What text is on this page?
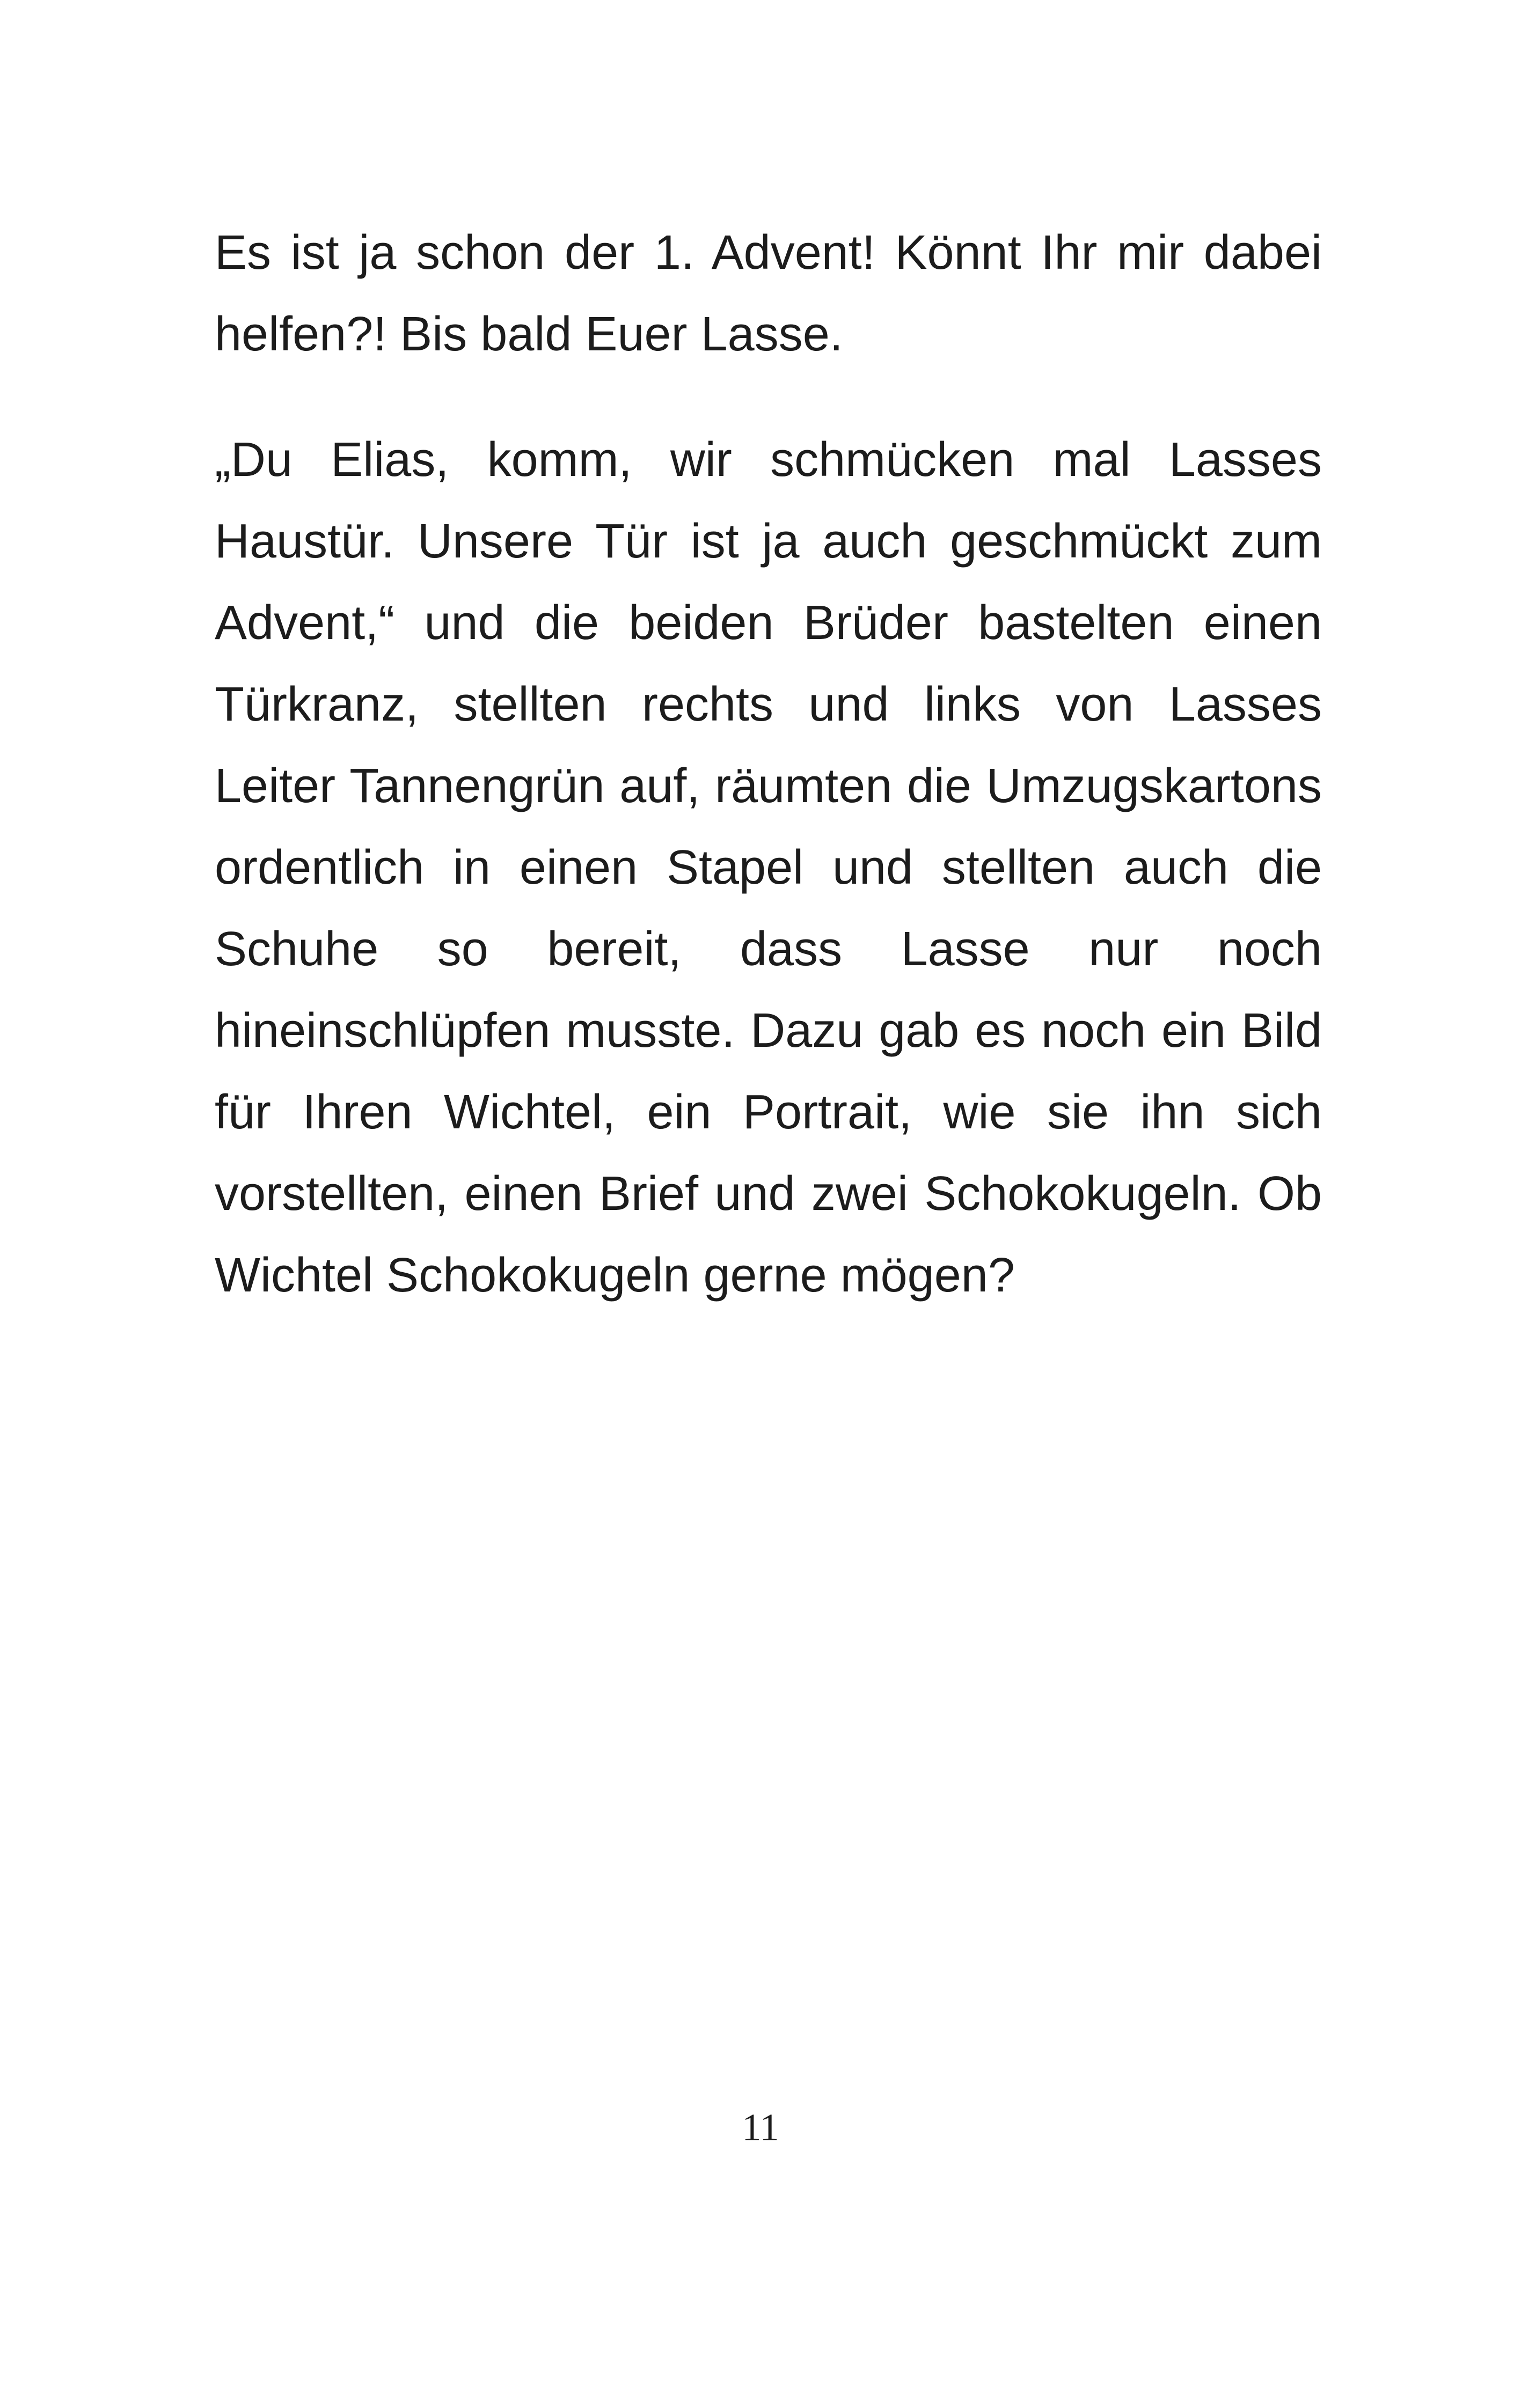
Es ist ja schon der 1. Advent! Könnt Ihr mir dabei helfen?! Bis bald Euer Lasse.

„Du Elias, komm, wir schmücken mal Lasses Haustür. Unsere Tür ist ja auch geschmückt zum Advent,“ und die beiden Brüder bastelten einen Türkranz, stellten rechts und links von Lasses Leiter Tannengrün auf, räumten die Umzugskartons ordentlich in einen Stapel und stellten auch die Schuhe so bereit, dass Lasse nur noch hineinschlüpfen musste. Dazu gab es noch ein Bild für Ihren Wichtel, ein Portrait, wie sie ihn sich vorstellten, einen Brief und zwei Schokokugeln. Ob Wichtel Schokokugeln gerne mögen?

11
